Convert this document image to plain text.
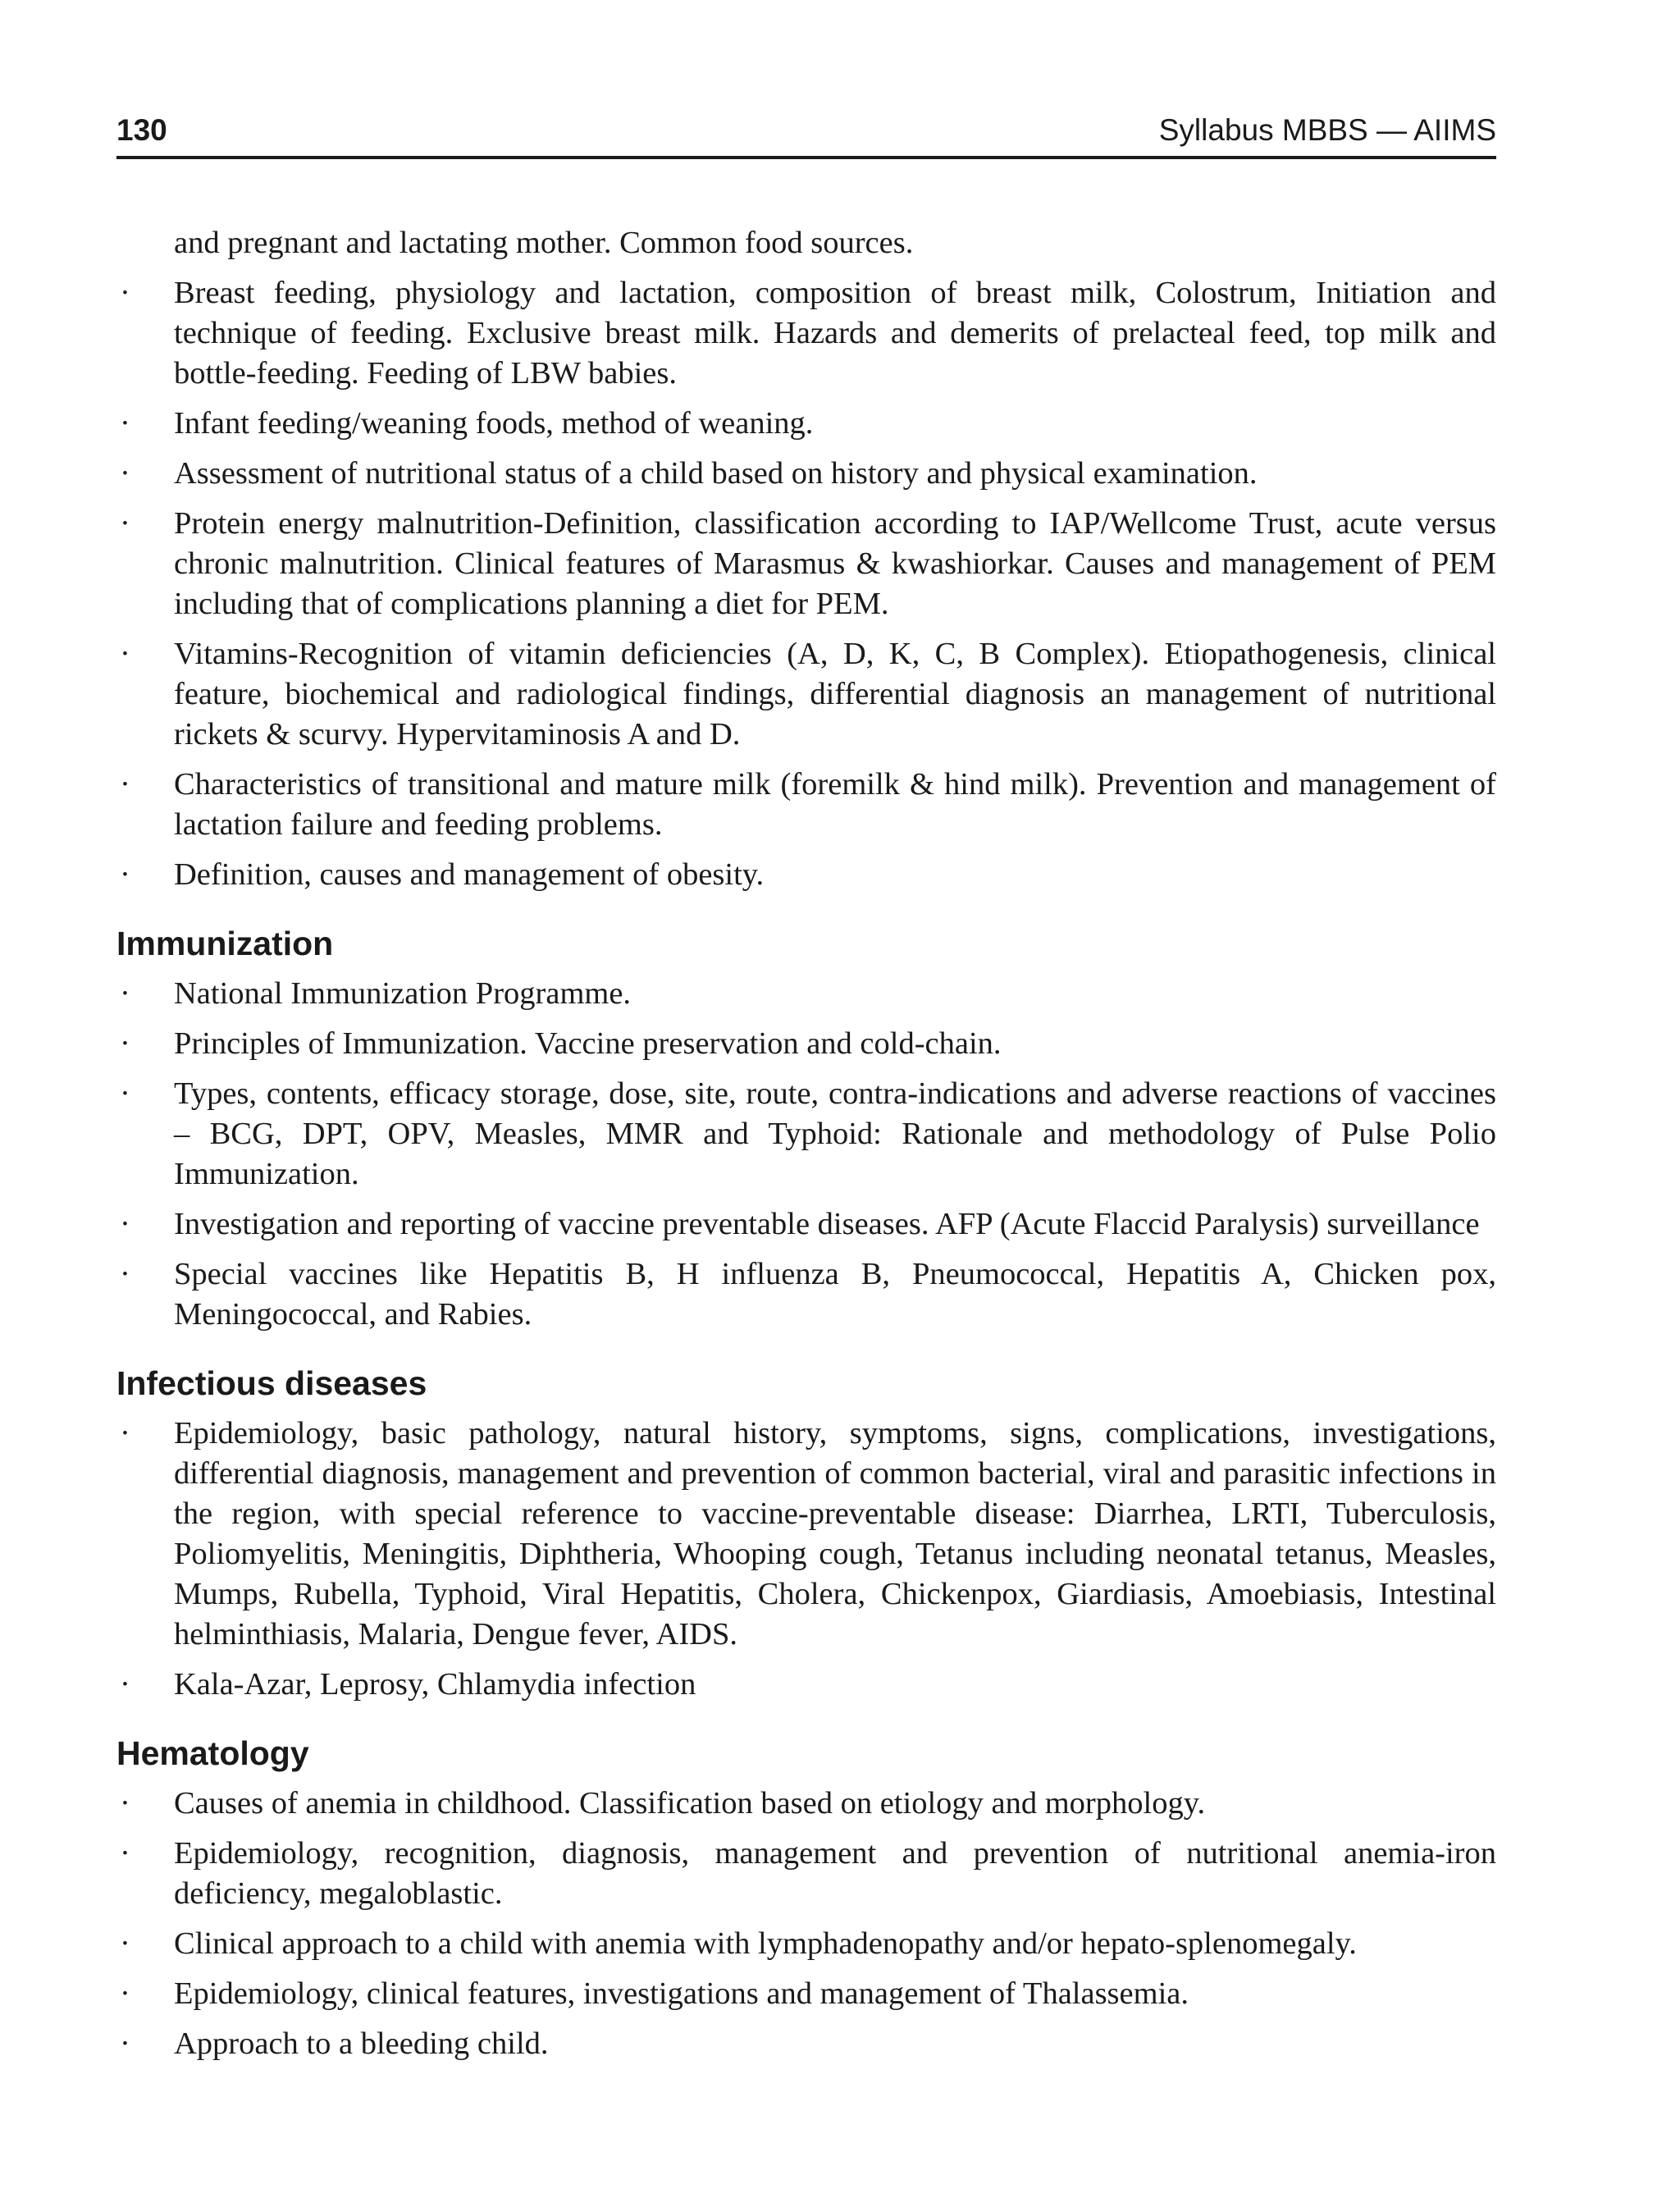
130	Syllabus MBBS — AIIMS
and pregnant and lactating mother. Common food sources.
· Breast feeding, physiology and lactation, composition of breast milk, Colostrum, Initiation and technique of feeding. Exclusive breast milk. Hazards and demerits of prelacteal feed, top milk and bottle-feeding. Feeding of LBW babies.
· Infant feeding/weaning foods, method of weaning.
· Assessment of nutritional status of a child based on history and physical examination.
· Protein energy malnutrition-Definition, classification according to IAP/Wellcome Trust, acute versus chronic malnutrition. Clinical features of Marasmus & kwashiorkar. Causes and management of PEM including that of complications planning a diet for PEM.
· Vitamins-Recognition of vitamin deficiencies (A, D, K, C, B Complex). Etiopathogenesis, clinical feature, biochemical and radiological findings, differential diagnosis an management of nutritional rickets & scurvy. Hypervitaminosis A and D.
· Characteristics of transitional and mature milk (foremilk & hind milk). Prevention and management of lactation failure and feeding problems.
· Definition, causes and management of obesity.
Immunization
· National Immunization Programme.
· Principles of Immunization. Vaccine preservation and cold-chain.
· Types, contents, efficacy storage, dose, site, route, contra-indications and adverse reactions of vaccines – BCG, DPT, OPV, Measles, MMR and Typhoid: Rationale and methodology of Pulse Polio Immunization.
· Investigation and reporting of vaccine preventable diseases. AFP (Acute Flaccid Paralysis) surveillance
· Special vaccines like Hepatitis B, H influenza B, Pneumococcal, Hepatitis A, Chicken pox, Meningococcal, and Rabies.
Infectious diseases
· Epidemiology, basic pathology, natural history, symptoms, signs, complications, investigations, differential diagnosis, management and prevention of common bacterial, viral and parasitic infections in the region, with special reference to vaccine-preventable disease: Diarrhea, LRTI, Tuberculosis, Poliomyelitis, Meningitis, Diphtheria, Whooping cough, Tetanus including neonatal tetanus, Measles, Mumps, Rubella, Typhoid, Viral Hepatitis, Cholera, Chickenpox, Giardiasis, Amoebiasis, Intestinal helminthiasis, Malaria, Dengue fever, AIDS.
· Kala-Azar, Leprosy, Chlamydia infection
Hematology
· Causes of anemia in childhood. Classification based on etiology and morphology.
· Epidemiology, recognition, diagnosis, management and prevention of nutritional anemia-iron deficiency, megaloblastic.
· Clinical approach to a child with anemia with lymphadenopathy and/or hepato-splenomegaly.
· Epidemiology, clinical features, investigations and management of Thalassemia.
· Approach to a bleeding child.
